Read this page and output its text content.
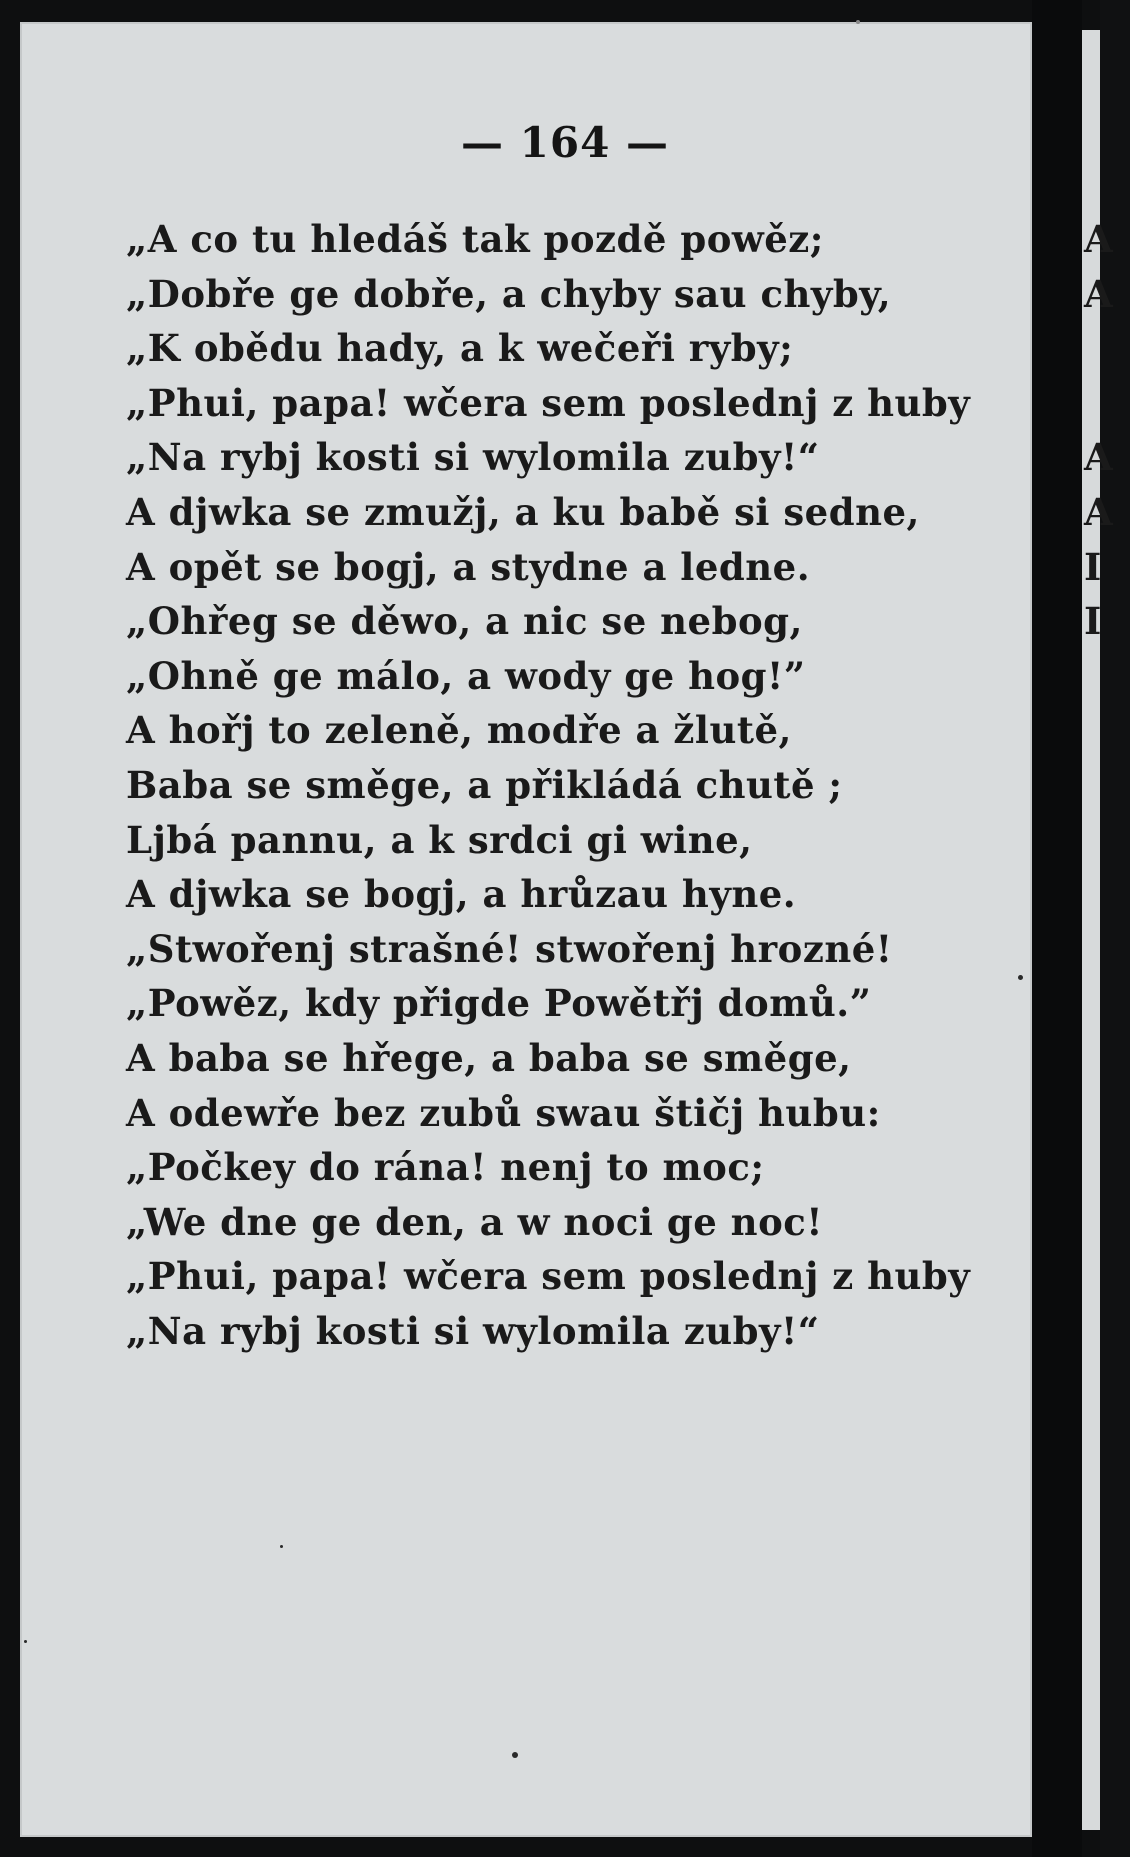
A
A

A
A
I
I
— 164 —
„A co tu hledáš tak pozdě powěz;
„Dobře ge dobře, a chyby sau chyby,
„K obědu hady, a k wečeři ryby;
„Phui, papa! wčera sem poslednj z huby
„Na rybj kosti si wylomila zuby!“
A djwka se zmužj, a ku babě si sedne,
A opět se bogj, a stydne a ledne.
„Ohřeg se děwo, a nic se nebog,
„Ohně ge málo, a wody ge hog!”
A hořj to zeleně, modře a žlutě,
Baba se směge, a přikládá chutě ;
Ljbá pannu, a k srdci gi wine,
A djwka se bogj, a hrůzau hyne.
„Stwořenj strašné! stwořenj hrozné!
„Powěz, kdy přigde Powětřj domů.”
A baba se hřege, a baba se směge,
A odewře bez zubů swau štičj hubu:
„Počkey do rána! nenj to moc;
„We dne ge den, a w noci ge noc!
„Phui, papa! wčera sem poslednj z huby
„Na rybj kosti si wylomila zuby!“
